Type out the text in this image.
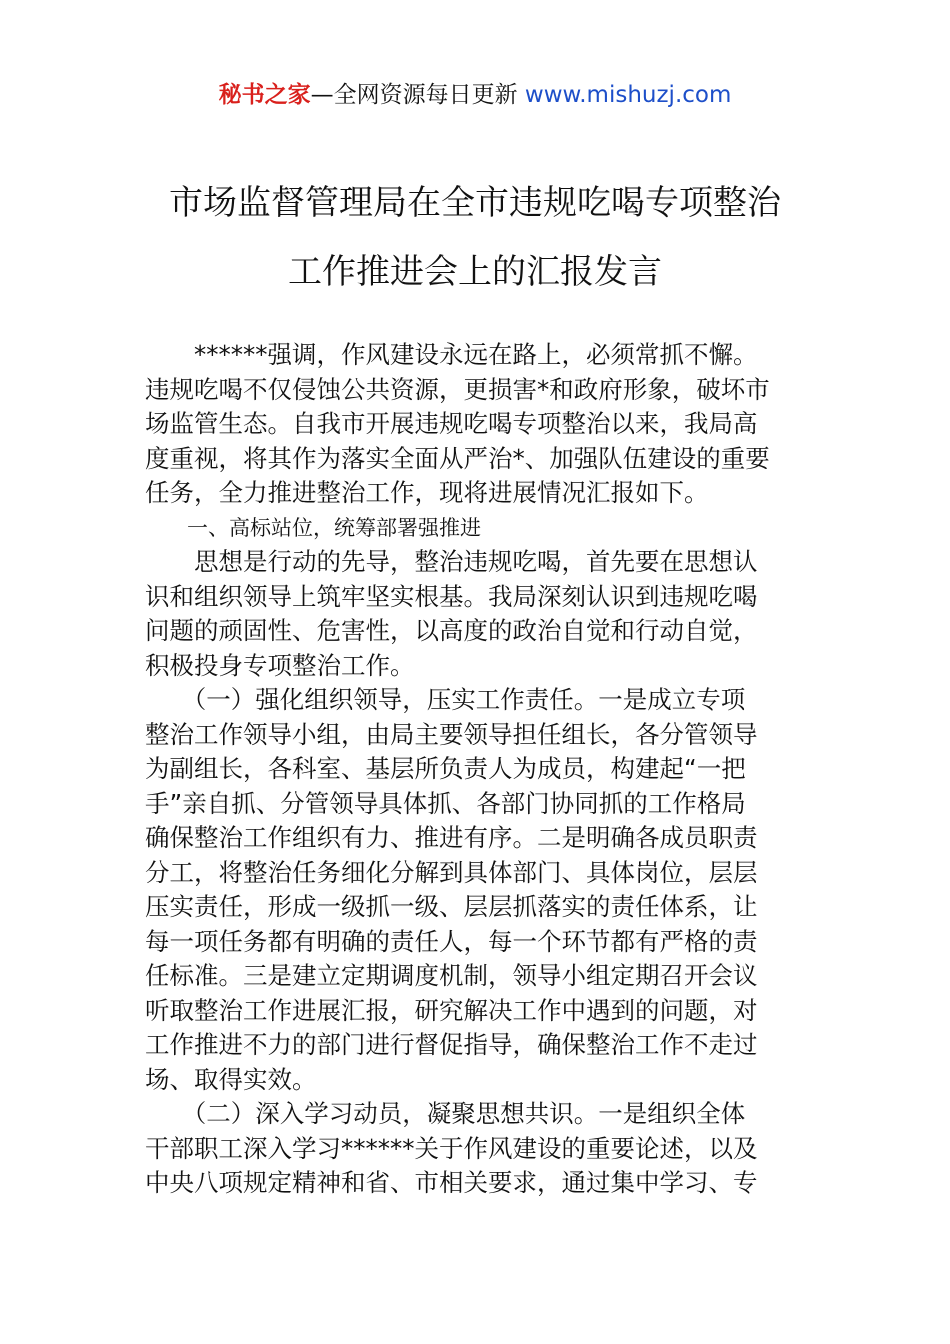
秘书之家—全网资源每日更新 www.mishuzj.com
市场监督管理局在全市违规吃喝专项整治
工作推进会上的汇报发言
　　******强调，作风建设永远在路上，必须常抓不懈。
违规吃喝不仅侵蚀公共资源，更损害*和政府形象，破坏市
场监管生态。自我市开展违规吃喝专项整治以来，我局高
度重视，将其作为落实全面从严治*、加强队伍建设的重要
任务，全力推进整治工作，现将进展情况汇报如下。
　　一、高标站位，统筹部署强推进
　　思想是行动的先导，整治违规吃喝，首先要在思想认
识和组织领导上筑牢坚实根基。我局深刻认识到违规吃喝
问题的顽固性、危害性，以高度的政治自觉和行动自觉，
积极投身专项整治工作。
　　（一）强化组织领导，压实工作责任。一是成立专项
整治工作领导小组，由局主要领导担任组长，各分管领导
为副组长，各科室、基层所负责人为成员，构建起“一把
手”亲自抓、分管领导具体抓、各部门协同抓的工作格局
确保整治工作组织有力、推进有序。二是明确各成员职责
分工，将整治任务细化分解到具体部门、具体岗位，层层
压实责任，形成一级抓一级、层层抓落实的责任体系，让
每一项任务都有明确的责任人，每一个环节都有严格的责
任标准。三是建立定期调度机制，领导小组定期召开会议
听取整治工作进展汇报，研究解决工作中遇到的问题，对
工作推进不力的部门进行督促指导，确保整治工作不走过
场、取得实效。
　　（二）深入学习动员，凝聚思想共识。一是组织全体
干部职工深入学习******关于作风建设的重要论述，以及
中央八项规定精神和省、市相关要求，通过集中学习、专
